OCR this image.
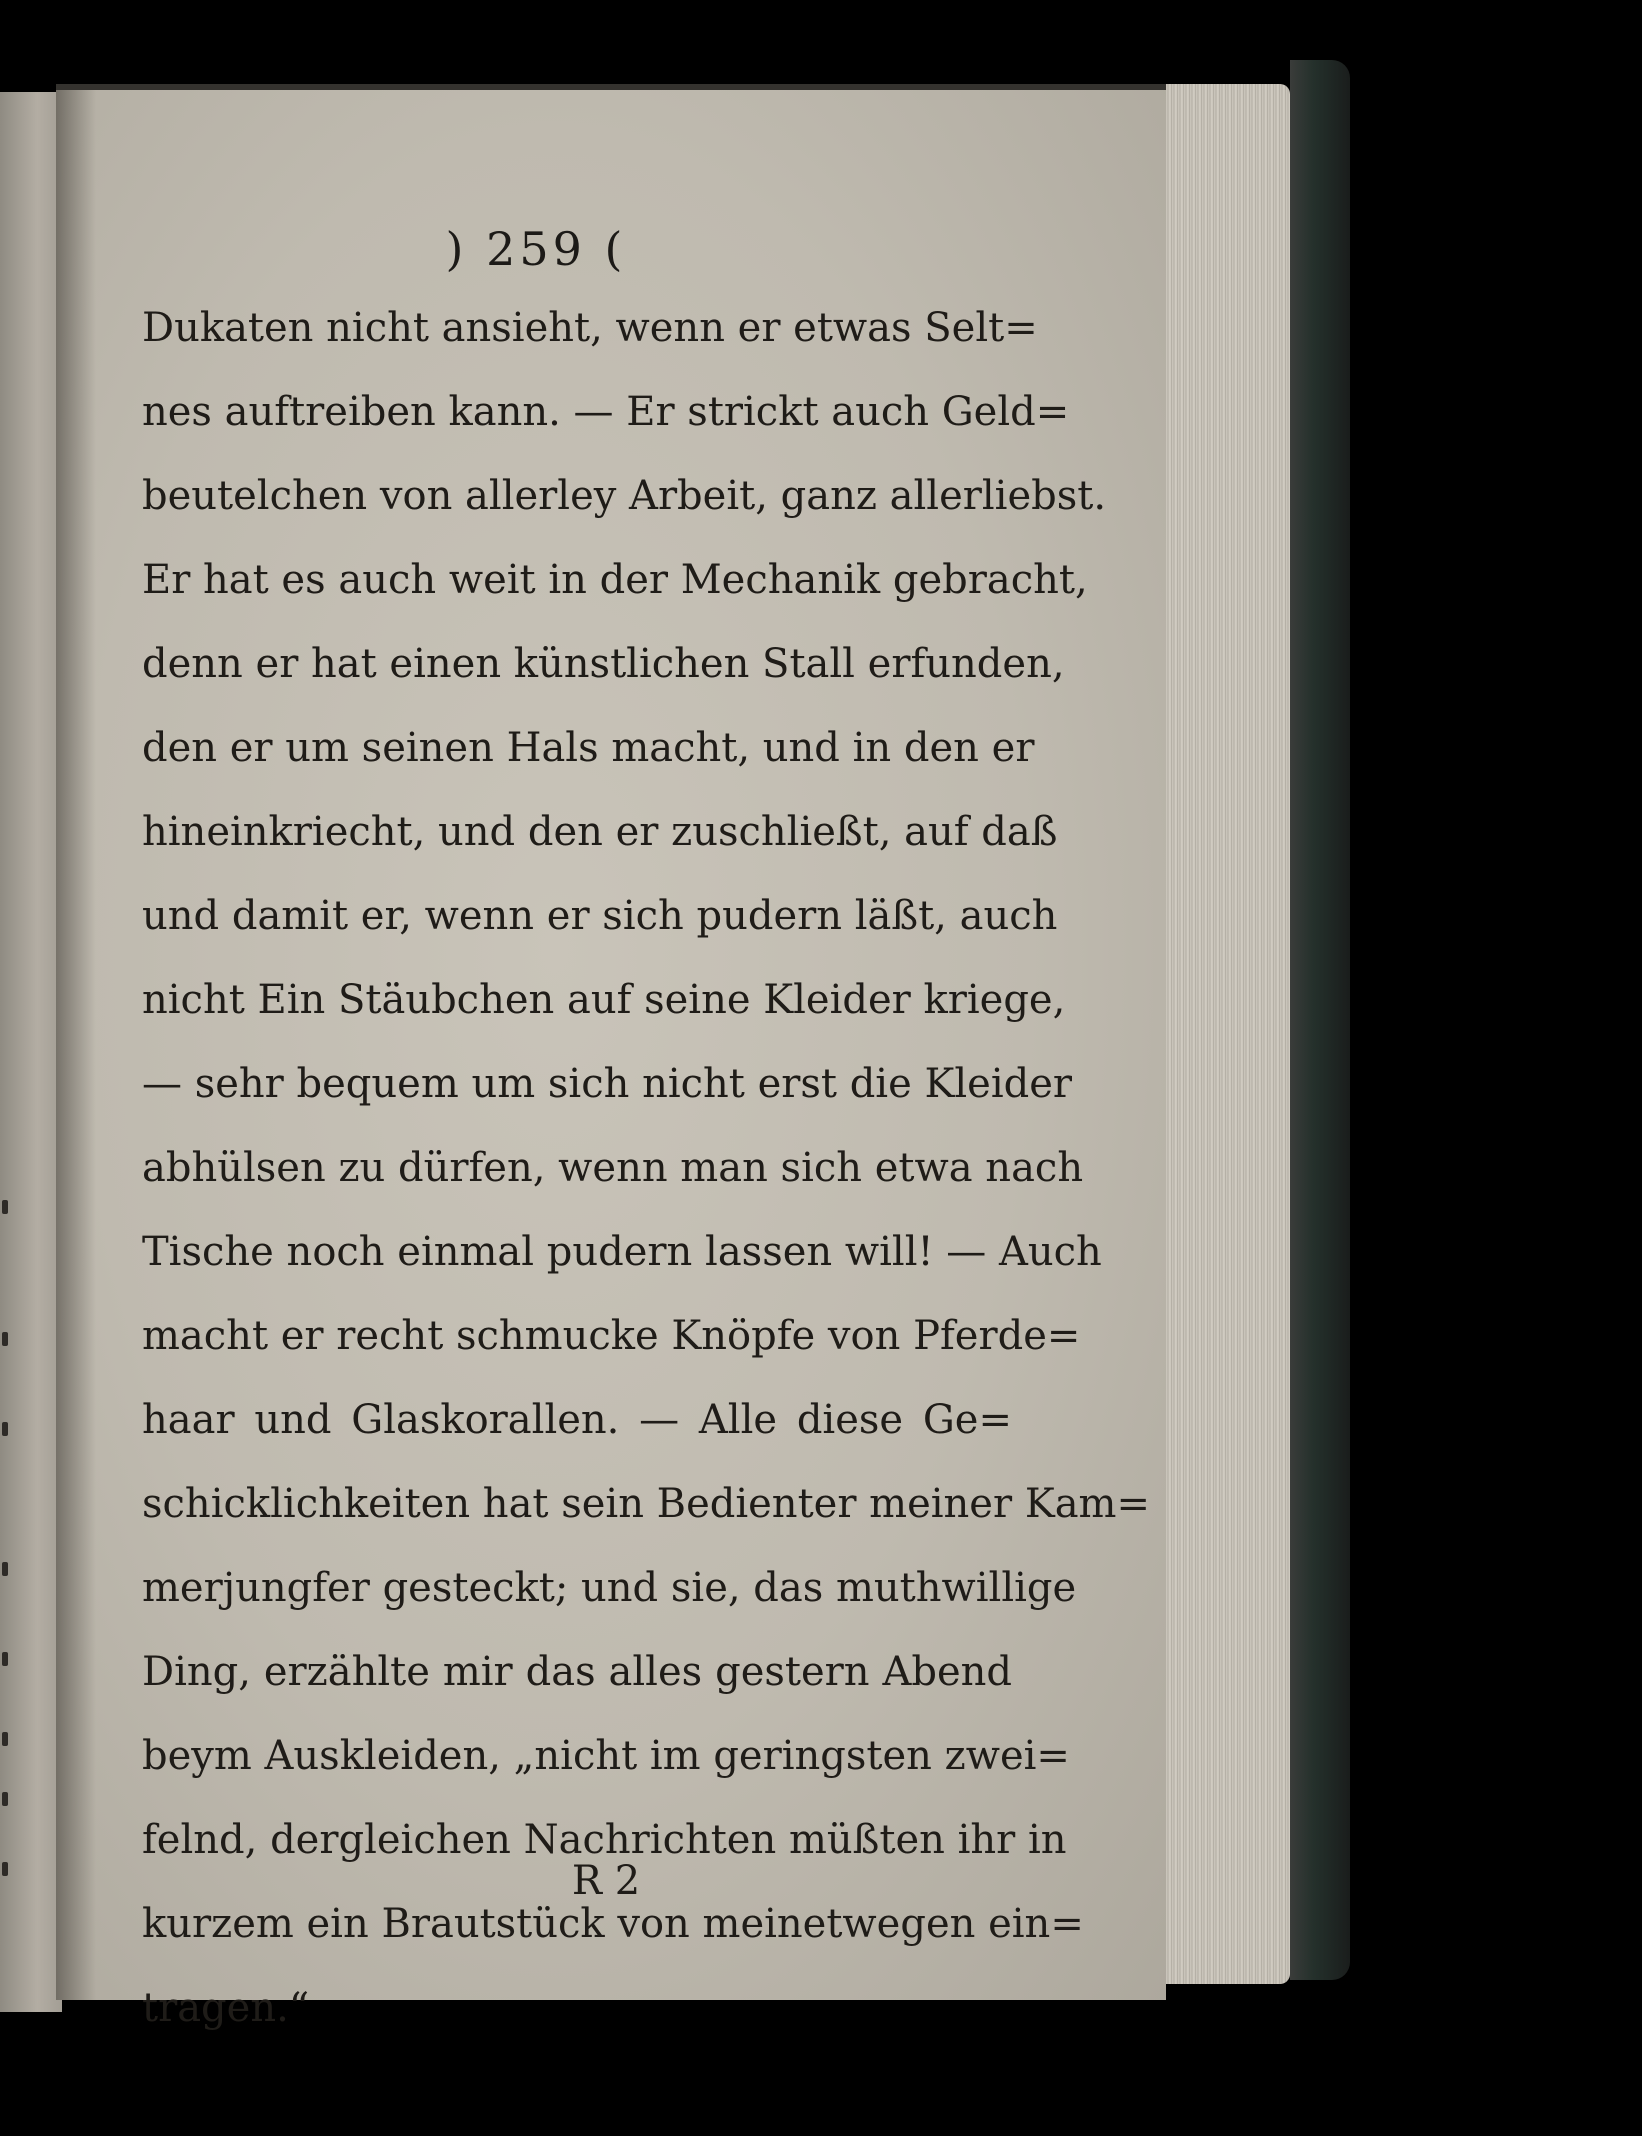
) 259 (
Dukaten nicht ansieht, wenn er etwas Selt=
nes auftreiben kann. — Er strickt auch Geld=
beutelchen von allerley Arbeit, ganz allerliebst.
Er hat es auch weit in der Mechanik gebracht,
denn er hat einen künstlichen Stall erfunden,
den er um seinen Hals macht, und in den er
hineinkriecht, und den er zuschließt, auf daß
und damit er, wenn er sich pudern läßt, auch
nicht Ein Stäubchen auf seine Kleider kriege,
— sehr bequem um sich nicht erst die Kleider
abhülsen zu dürfen, wenn man sich etwa nach
Tische noch einmal pudern lassen will! — Auch
macht er recht schmucke Knöpfe von Pferde=
haar und Glaskorallen. — Alle diese Ge=
schicklichkeiten hat sein Bedienter meiner Kam=
merjungfer gesteckt; und sie, das muthwillige
Ding, erzählte mir das alles gestern Abend
beym Auskleiden, „nicht im geringsten zwei=
felnd, dergleichen Nachrichten müßten ihr in
kurzem ein Brautstück von meinetwegen ein=
tragen.“
R 2
